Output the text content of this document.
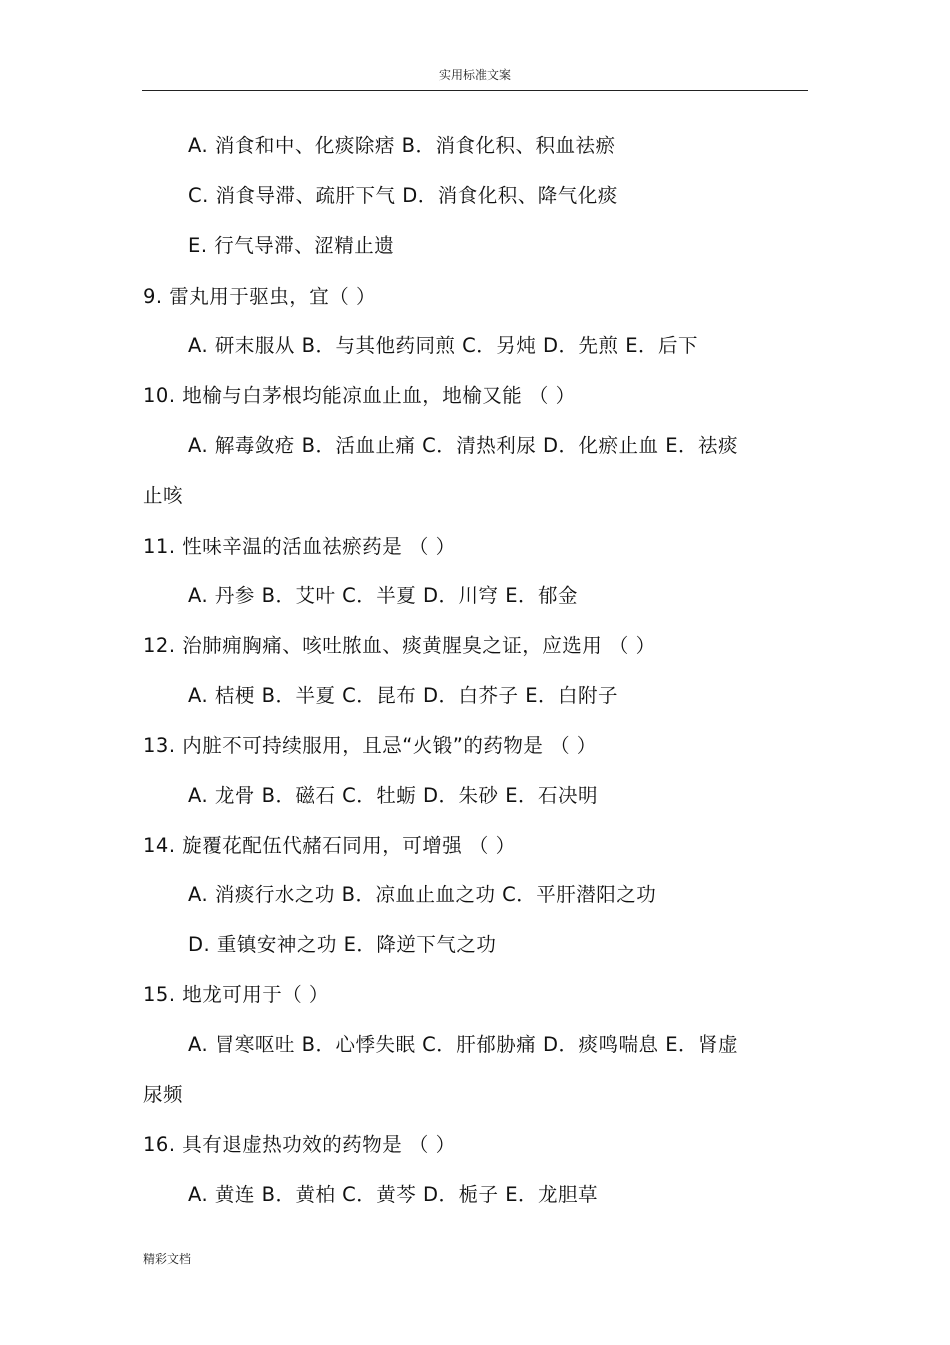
实用标准文案
A. 消食和中、化痰除痞 B．消食化积、积血祛瘀
C. 消食导滞、疏肝下气 D．消食化积、降气化痰
E. 行气导滞、涩精止遗
9. 雷丸用于驱虫，宜（ ）
A. 研末服从 B．与其他药同煎 C．另炖 D．先煎 E．后下
10. 地榆与白茅根均能凉血止血，地榆又能 （ ）
A. 解毒敛疮 B．活血止痛 C．清热利尿 D．化瘀止血 E．祛痰
止咳
11. 性味辛温的活血祛瘀药是 （ ）
A. 丹参 B．艾叶 C．半夏 D．川穹 E．郁金
12. 治肺痈胸痛、咳吐脓血、痰黄腥臭之证，应选用 （ ）
A. 桔梗 B．半夏 C．昆布 D．白芥子 E．白附子
13. 内脏不可持续服用，且忌“火锻”的药物是 （ ）
A. 龙骨 B．磁石 C．牡蛎 D．朱砂 E．石决明
14. 旋覆花配伍代赭石同用，可增强 （ ）
A. 消痰行水之功 B．凉血止血之功 C．平肝潜阳之功
D. 重镇安神之功 E．降逆下气之功
15. 地龙可用于（ ）
A. 冒寒呕吐 B．心悸失眠 C．肝郁胁痛 D．痰鸣喘息 E．肾虚
尿频
16. 具有退虚热功效的药物是 （ ）
A. 黄连 B．黄柏 C．黄芩 D．栀子 E．龙胆草
精彩文档
